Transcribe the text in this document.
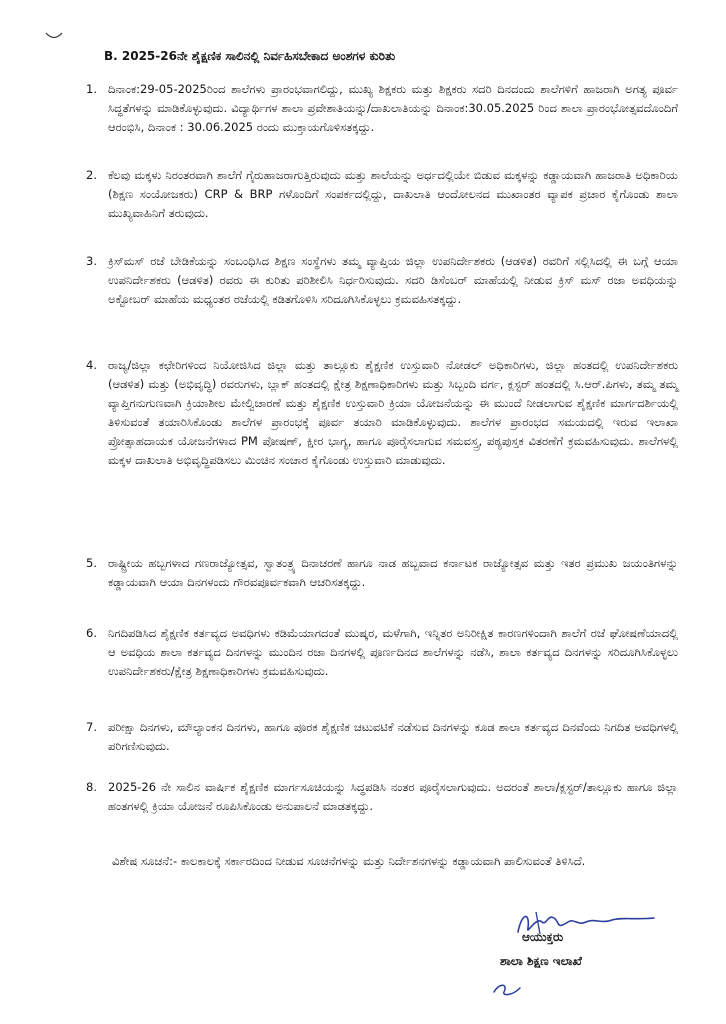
B. 2025-26ನೇ ಶೈಕ್ಷಣಿಕ ಸಾಲಿನಲ್ಲಿ ನಿರ್ವಹಿಸಬೇಕಾದ ಅಂಶಗಳ ಕುರಿತು
1. ದಿನಾಂಕ:29-05-2025ರಿಂದ ಶಾಲೆಗಳು ಪ್ರಾರಂಭವಾಗಲಿದ್ದು, ಮುಖ್ಯ ಶಿಕ್ಷಕರು ಮತ್ತು ಶಿಕ್ಷಕರು ಸದರಿ ದಿನದಂದು ಶಾಲೆಗಳಿಗೆ ಹಾಜರಾಗಿ ಅಗತ್ಯ ಪೂರ್ವ ಸಿದ್ಧತೆಗಳನ್ನು ಮಾಡಿಕೊಳ್ಳುವುದು. ವಿದ್ಯಾರ್ಥಿಗಳ ಶಾಲಾ ಪ್ರವೇಶಾತಿಯನ್ನು/ದಾಖಲಾತಿಯನ್ನು ದಿನಾಂಕ:30.05.2025 ರಿಂದ ಶಾಲಾ ಪ್ರಾರಂಭೋತ್ಸವದೊಂದಿಗೆ ಆರಂಭಿಸಿ, ದಿನಾಂಕ : 30.06.2025 ರಂದು ಮುಕ್ತಾಯಗೊಳಿಸತಕ್ಕದ್ದು.
2. ಕೆಲವು ಮಕ್ಕಳು ನಿರಂತರವಾಗಿ ಶಾಲೆಗೆ ಗೈರುಹಾಜರಾಗುತ್ತಿರುವುದು ಮತ್ತು ಶಾಲೆಯನ್ನು ಅರ್ಧದಲ್ಲಿಯೇ ಬಿಡುವ ಮಕ್ಕಳನ್ನು ಕಡ್ಡಾಯವಾಗಿ ಹಾಜರಾತಿ ಅಧಿಕಾರಿಯ (ಶಿಕ್ಷಣ ಸಂಯೋಜಕರು) CRP & BRP ಗಳೊಂದಿಗೆ ಸಂಪರ್ಕದಲ್ಲಿದ್ದು, ದಾಖಲಾತಿ ಆಂದೋಲನದ ಮುಖಾಂತರ ವ್ಯಾಪಕ ಪ್ರಚಾರ ಕೈಗೊಂಡು ಶಾಲಾ ಮುಖ್ಯವಾಹಿನಿಗೆ ತರುವುದು.
3. ಕ್ರಿಸ್‌ಮಸ್ ರಜೆ ಬೇಡಿಕೆಯನ್ನು ಸಂಬಂಧಿಸಿದ ಶಿಕ್ಷಣ ಸಂಸ್ಥೆಗಳು ತಮ್ಮ ವ್ಯಾಪ್ತಿಯ ಜಿಲ್ಲಾ ಉಪನಿರ್ದೇಶಕರು (ಆಡಳಿತ) ರವರಿಗೆ ಸಲ್ಲಿಸಿದಲ್ಲಿ ಈ ಬಗ್ಗೆ ಆಯಾ ಉಪನಿರ್ದೇಶಕರು (ಆಡಳಿತ) ರವರು ಈ ಕುರಿತು ಪರಿಶೀಲಿಸಿ ನಿರ್ಧರಿಸುವುದು. ಸದರಿ ಡಿಸೆಂಬರ್ ಮಾಹೆಯಲ್ಲಿ ನೀಡುವ ಕ್ರಿಸ್ ಮಸ್ ರಜಾ ಅವಧಿಯನ್ನು ಅಕ್ಟೋಬರ್ ಮಾಹೆಯ ಮಧ್ಯಂತರ ರಜೆಯಲ್ಲಿ ಕಡಿತಗೊಳಿಸಿ ಸರಿದೂಗಿಸಿಕೊಳ್ಳಲು ಕ್ರಮವಹಿಸತಕ್ಕದ್ದು.
4. ರಾಜ್ಯ/ಜಿಲ್ಲಾ ಕಛೇರಿಗಳಿಂದ ನಿಯೋಜಿಸಿದ ಜಿಲ್ಲಾ ಮತ್ತು ತಾಲ್ಲೂಕು ಶೈಕ್ಷಣಿಕ ಉಸ್ತುವಾರಿ ನೋಡಲ್ ಅಧಿಕಾರಿಗಳು, ಜಿಲ್ಲಾ ಹಂತದಲ್ಲಿ ಉಪನಿರ್ದೇಶಕರು (ಆಡಳಿತ) ಮತ್ತು (ಅಭಿವೃದ್ಧಿ) ರವರುಗಳು, ಬ್ಲಾಕ್ ಹಂತದಲ್ಲಿ ಕ್ಷೇತ್ರ ಶಿಕ್ಷಣಾಧಿಕಾರಿಗಳು ಮತ್ತು ಸಿಬ್ಬಂದಿ ವರ್ಗ, ಕ್ಲಸ್ಟರ್ ಹಂತದಲ್ಲಿ ಸಿ.ಆರ್.ಪಿಗಳು, ತಮ್ಮ ತಮ್ಮ ವ್ಯಾಪ್ತಿಗನುಗುಣವಾಗಿ ಕ್ರಿಯಾಶೀಲ ಮೇಲ್ವಿಚಾರಣೆ ಮತ್ತು ಶೈಕ್ಷಣಿಕ ಉಸ್ತುವಾರಿ ಕ್ರಿಯಾ ಯೋಜನೆಯನ್ನು ಈ ಮುಂದೆ ನೀಡಲಾಗುವ ಶೈಕ್ಷಣಿಕ ಮಾರ್ಗದರ್ಶಿಯಲ್ಲಿ ತಿಳಿಸುವಂತೆ ತಯಾರಿಸಿಕೊಂಡು ಶಾಲೆಗಳ ಪ್ರಾರಂಭಕ್ಕೆ ಪೂರ್ವ ತಯಾರಿ ಮಾಡಿಕೊಳ್ಳುವುದು. ಶಾಲೆಗಳ ಪ್ರಾರಂಭದ ಸಮಯದಲ್ಲಿ ಇರುವ ಇಲಾಖಾ ಪ್ರೋತ್ಸಾಹದಾಯಕ ಯೋಜನೆಗಳಾದ PM ಪೋಷಣ್, ಕ್ಷೀರ ಭಾಗ್ಯ, ಹಾಗೂ ಪೂರೈಸಲಾಗುವ ಸಮವಸ್ತ್ರ, ಪಠ್ಯಪುಸ್ತಕ ವಿತರಣೆಗೆ ಕ್ರಮವಹಿಸುವುದು. ಶಾಲೆಗಳಲ್ಲಿ ಮಕ್ಕಳ ದಾಖಲಾತಿ ಅಭಿವೃದ್ಧಿಪಡಿಸಲು ಮಿಂಚಿನ ಸಂಚಾರ ಕೈಗೊಂಡು ಉಸ್ತುವಾರಿ ಮಾಡುವುದು.
5. ರಾಷ್ಟ್ರೀಯ ಹಬ್ಬಗಳಾದ ಗಣರಾಜ್ಯೋತ್ಸವ, ಸ್ವಾತಂತ್ರ್ಯ ದಿನಾಚರಣೆ ಹಾಗೂ ನಾಡ ಹಬ್ಬವಾದ ಕರ್ನಾಟಕ ರಾಜ್ಯೋತ್ಸವ ಮತ್ತು ಇತರ ಪ್ರಮುಖ ಜಯಂತಿಗಳನ್ನು ಕಡ್ಡಾಯವಾಗಿ ಆಯಾ ದಿನಗಳಂದು ಗೌರವಪೂರ್ವಕವಾಗಿ ಆಚರಿಸತಕ್ಕದ್ದು.
6. ನಿಗದಿಪಡಿಸಿದ ಶೈಕ್ಷಣಿಕ ಕರ್ತವ್ಯದ ಅವಧಿಗಳು ಕಡಿಮೆಯಾಗದಂತೆ ಮುಷ್ಕರ, ಮಳೆಗಾಗಿ, ಇನ್ನಿತರ ಅನಿರೀಕ್ಷಿತ ಕಾರಣಗಳಿಂದಾಗಿ ಶಾಲೆಗೆ ರಜೆ ಘೋಷಣೆಯಾದಲ್ಲಿ ಆ ಅವಧಿಯ ಶಾಲಾ ಕರ್ತವ್ಯದ ದಿನಗಳನ್ನು ಮುಂದಿನ ರಜಾ ದಿನಗಳಲ್ಲಿ ಪೂರ್ಣದಿನದ ಶಾಲೆಗಳನ್ನು ನಡೆಸಿ, ಶಾಲಾ ಕರ್ತವ್ಯದ ದಿನಗಳನ್ನು ಸರಿದೂಗಿಸಿಕೊಳ್ಳಲು ಉಪನಿರ್ದೇಶಕರು/ಕ್ಷೇತ್ರ ಶಿಕ್ಷಣಾಧಿಕಾರಿಗಳು ಕ್ರಮವಹಿಸುವುದು.
7. ಪರೀಕ್ಷಾ ದಿನಗಳು, ಮೌಲ್ಯಾಂಕನ ದಿನಗಳು, ಹಾಗೂ ಪೂರಕ ಶೈಕ್ಷಣಿಕ ಚಟುವಟಿಕೆ ನಡೆಸುವ ದಿನಗಳನ್ನು ಕೂಡ ಶಾಲಾ ಕರ್ತವ್ಯದ ದಿನವೆಂದು ನಿಗದಿತ ಅವಧಿಗಳಲ್ಲಿ ಪರಿಗಣಿಸುವುದು.
8. 2025-26 ನೇ ಸಾಲಿನ ವಾರ್ಷಿಕ ಶೈಕ್ಷಣಿಕ ಮಾರ್ಗಸೂಚಿಯನ್ನು ಸಿದ್ಧಪಡಿಸಿ ನಂತರ ಪೂರೈಸಲಾಗುವುದು. ಅದರಂತೆ ಶಾಲಾ/ಕ್ಲಸ್ಟರ್/ತಾಲ್ಲೂಕು ಹಾಗೂ ಜಿಲ್ಲಾ ಹಂತಗಳಲ್ಲಿ ಕ್ರಿಯಾ ಯೋಜನೆ ರೂಪಿಸಿಕೊಂಡು ಅನುಪಾಲನೆ ಮಾಡತಕ್ಕದ್ದು.
ವಿಶೇಷ ಸೂಚನೆ:- ಕಾಲಕಾಲಕ್ಕೆ ಸರ್ಕಾರದಿಂದ ನೀಡುವ ಸೂಚನೆಗಳನ್ನು ಮತ್ತು ನಿರ್ದೇಶನಗಳನ್ನು ಕಡ್ಡಾಯವಾಗಿ ಪಾಲಿಸುವಂತೆ ತಿಳಿಸಿದೆ.
ಆಯುಕ್ತರು
ಶಾಲಾ ಶಿಕ್ಷಣ ಇಲಾಖೆ
